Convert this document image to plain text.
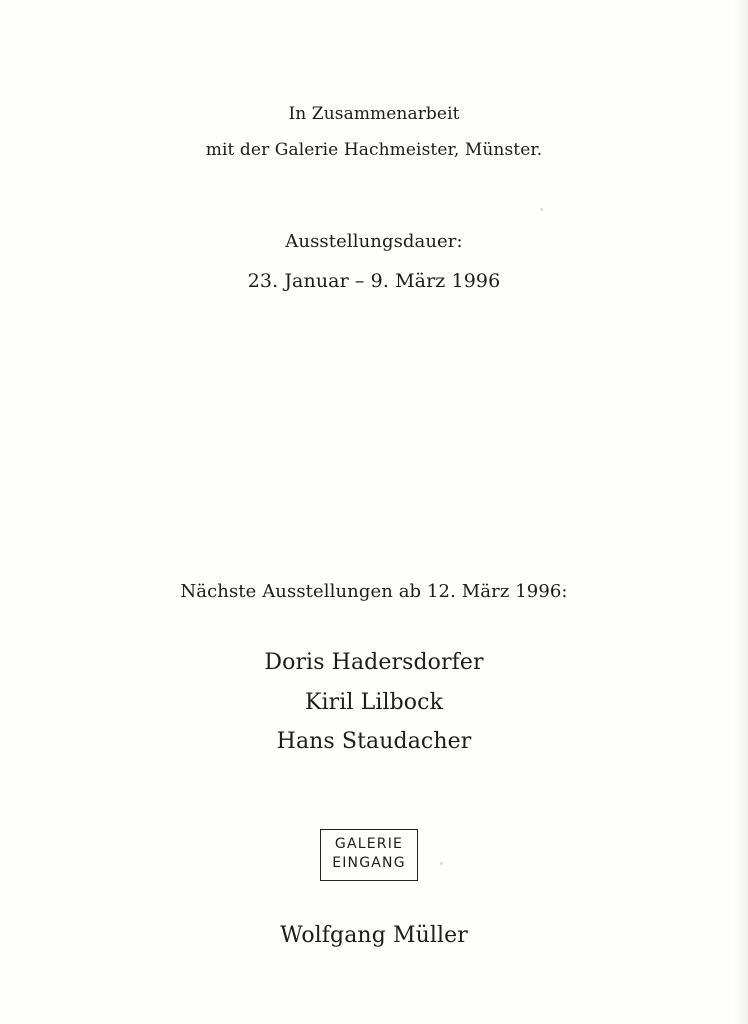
In Zusammenarbeit
mit der Galerie Hachmeister, Münster.
Ausstellungsdauer:
23. Januar – 9. März 1996
Nächste Ausstellungen ab 12. März 1996:
Doris Hadersdorfer
Kiril Lilbock
Hans Staudacher
GALERIE
EINGANG
Wolfgang Müller
